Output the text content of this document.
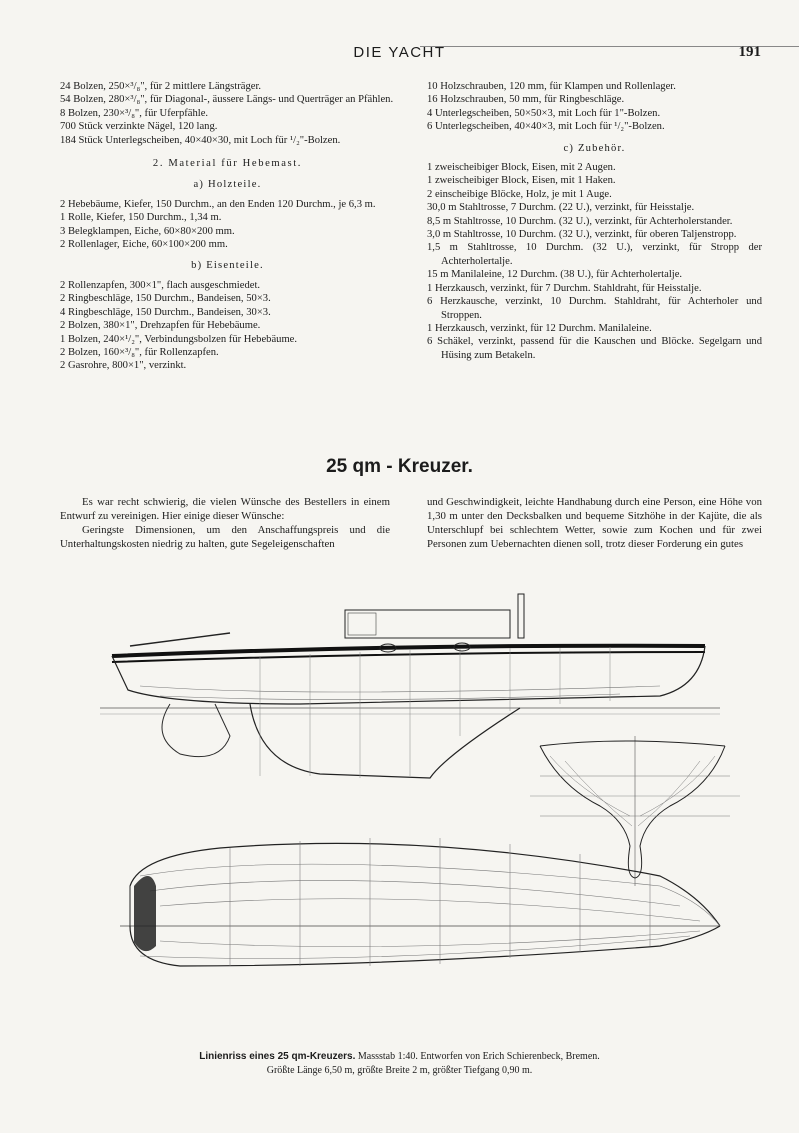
DIE YACHT	191

24 Bolzen, 250×³/₈", für 2 mittlere Längsträger.

54 Bolzen, 280×³/₈", für Diagonal-, äussere Längs- und Querträger an Pfählen.

8 Bolzen, 230×³/₈", für Uferpfähle.

700 Stück verzinkte Nägel, 120 lang.

184 Stück Unterlegscheiben, 40×40×30, mit Loch für ¹/₂"-Bolzen.

2. Material für Hebemast.
a) Holzteile.

2 Hebebäume, Kiefer, 150 Durchm., an den Enden 120 Durchm., je 6,3 m.

1 Rolle, Kiefer, 150 Durchm., 1,34 m.

3 Belegklampen, Eiche, 60×80×200 mm.

2 Rollenlager, Eiche, 60×100×200 mm.

b) Eisenteile.

2 Rollenzapfen, 300×1", flach ausgeschmiedet.

2 Ringbeschläge, 150 Durchm., Bandeisen, 50×3.

4 Ringbeschläge, 150 Durchm., Bandeisen, 30×3.

2 Bolzen, 380×1", Drehzapfen für Hebebäume.

1 Bolzen, 240×¹/₂", Verbindungsbolzen für Hebebäume.

2 Bolzen, 160×³/₈", für Rollenzapfen.

2 Gasrohre, 800×1", verzinkt.

10 Holzschrauben, 120 mm, für Klampen und Rollenlager.

16 Holzschrauben, 50 mm, für Ringbeschläge.

4 Unterlegscheiben, 50×50×3, mit Loch für 1"-Bolzen.

6 Unterlegscheiben, 40×40×3, mit Loch für ¹/₂"-Bolzen.

c) Zubehör.

1 zweischeibiger Block, Eisen, mit 2 Augen.

1 zweischeibiger Block, Eisen, mit 1 Haken.

2 einscheibige Blöcke, Holz, je mit 1 Auge.

30,0 m Stahltrosse, 7 Durchm. (22 U.), verzinkt, für Heisstalje.

8,5 m Stahltrosse, 10 Durchm. (32 U.), verzinkt, für Achterholerstander.

3,0 m Stahltrosse, 10 Durchm. (32 U.), verzinkt, für oberen Taljenstropp.

1,5 m Stahltrosse, 10 Durchm. (32 U.), verzinkt, für Stropp der Achterholertalje.

15 m Manilaleine, 12 Durchm. (38 U.), für Achterholertalje.

1 Herzkausch, verzinkt, für 7 Durchm. Stahldraht, für Heisstalje.

6 Herzkausche, verzinkt, 10 Durchm. Stahldraht, für Achterholer und Stroppen.

1 Herzkausch, verzinkt, für 12 Durchm. Manilaleine.

6 Schäkel, verzinkt, passend für die Kauschen und Blöcke. Segelgarn und Hüsing zum Betakeln.

25 qm - Kreuzer.

Es war recht schwierig, die vielen Wünsche des Bestellers in einem Entwurf zu vereinigen. Hier einige dieser Wünsche:

Geringste Dimensionen, um den Anschaffungspreis und die Unterhaltungskosten niedrig zu halten, gute Segeleigenschaften

und Geschwindigkeit, leichte Handhabung durch eine Person, eine Höhe von 1,30 m unter den Decksbalken und bequeme Sitzhöhe in der Kajüte, die als Unterschlupf bei schlechtem Wetter, sowie zum Kochen und für zwei Personen zum Uebernachten dienen soll, trotz dieser Forderung ein gutes

Linienriss eines 25 qm-Kreuzers. Massstab 1:40. Entworfen von Erich Schierenbeck, Bremen.
Größte Länge 6,50 m, größte Breite 2 m, größter Tiefgang 0,90 m.
